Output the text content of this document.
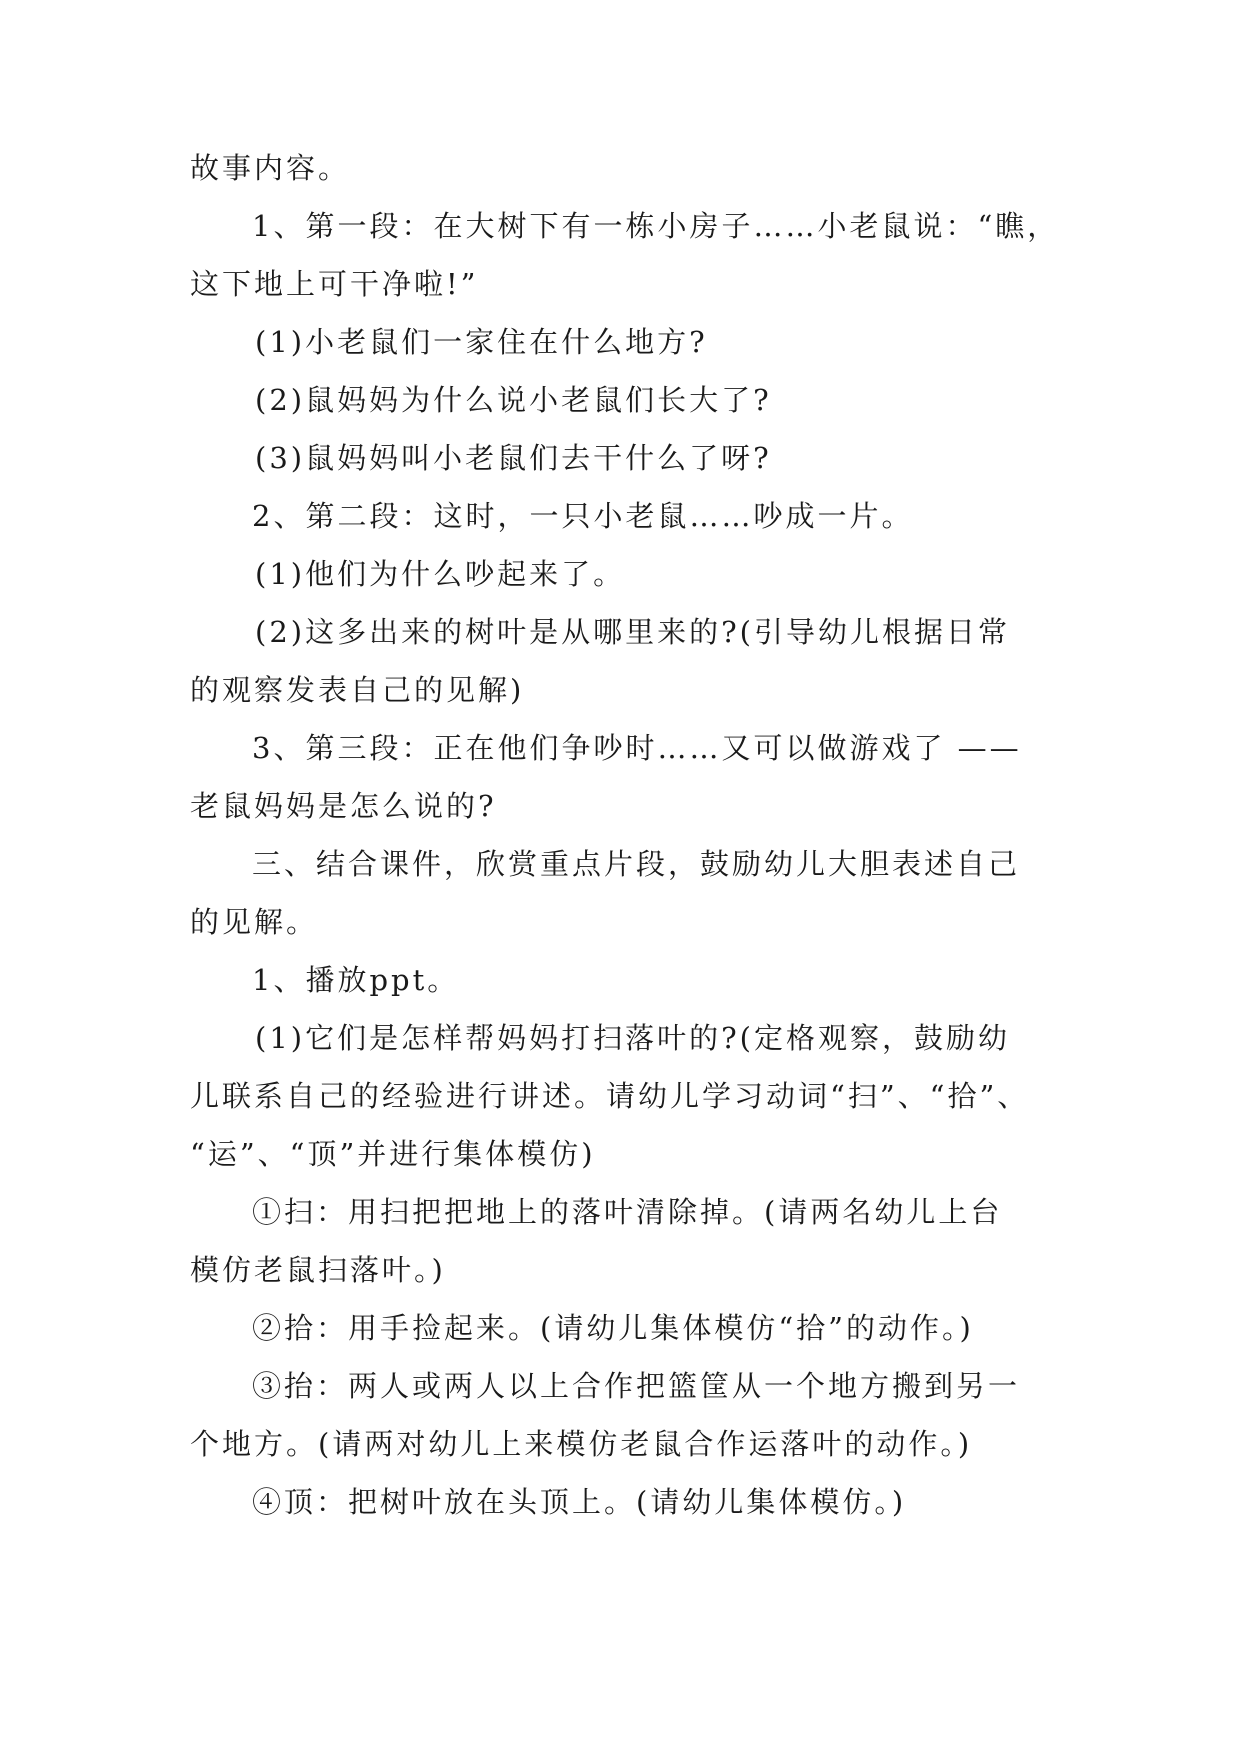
故事内容。
1、第一段：在大树下有一栋小房子……小老鼠说：“瞧，
这下地上可干净啦!”
(1)小老鼠们一家住在什么地方?
(2)鼠妈妈为什么说小老鼠们长大了?
(3)鼠妈妈叫小老鼠们去干什么了呀?
2、第二段：这时，一只小老鼠……吵成一片。
(1)他们为什么吵起来了。
(2)这多出来的树叶是从哪里来的?(引导幼儿根据日常
的观察发表自己的见解)
3、第三段：正在他们争吵时……又可以做游戏了 ——
老鼠妈妈是怎么说的?
三、结合课件，欣赏重点片段，鼓励幼儿大胆表述自己
的见解。
1、播放ppt。
(1)它们是怎样帮妈妈打扫落叶的?(定格观察，鼓励幼
儿联系自己的经验进行讲述。请幼儿学习动词“扫”、“拾”、
“运”、“顶”并进行集体模仿)
①扫：用扫把把地上的落叶清除掉。(请两名幼儿上台
模仿老鼠扫落叶。)
②拾：用手捡起来。(请幼儿集体模仿“拾”的动作。)
③抬：两人或两人以上合作把篮筐从一个地方搬到另一
个地方。(请两对幼儿上来模仿老鼠合作运落叶的动作。)
④顶：把树叶放在头顶上。(请幼儿集体模仿。)
